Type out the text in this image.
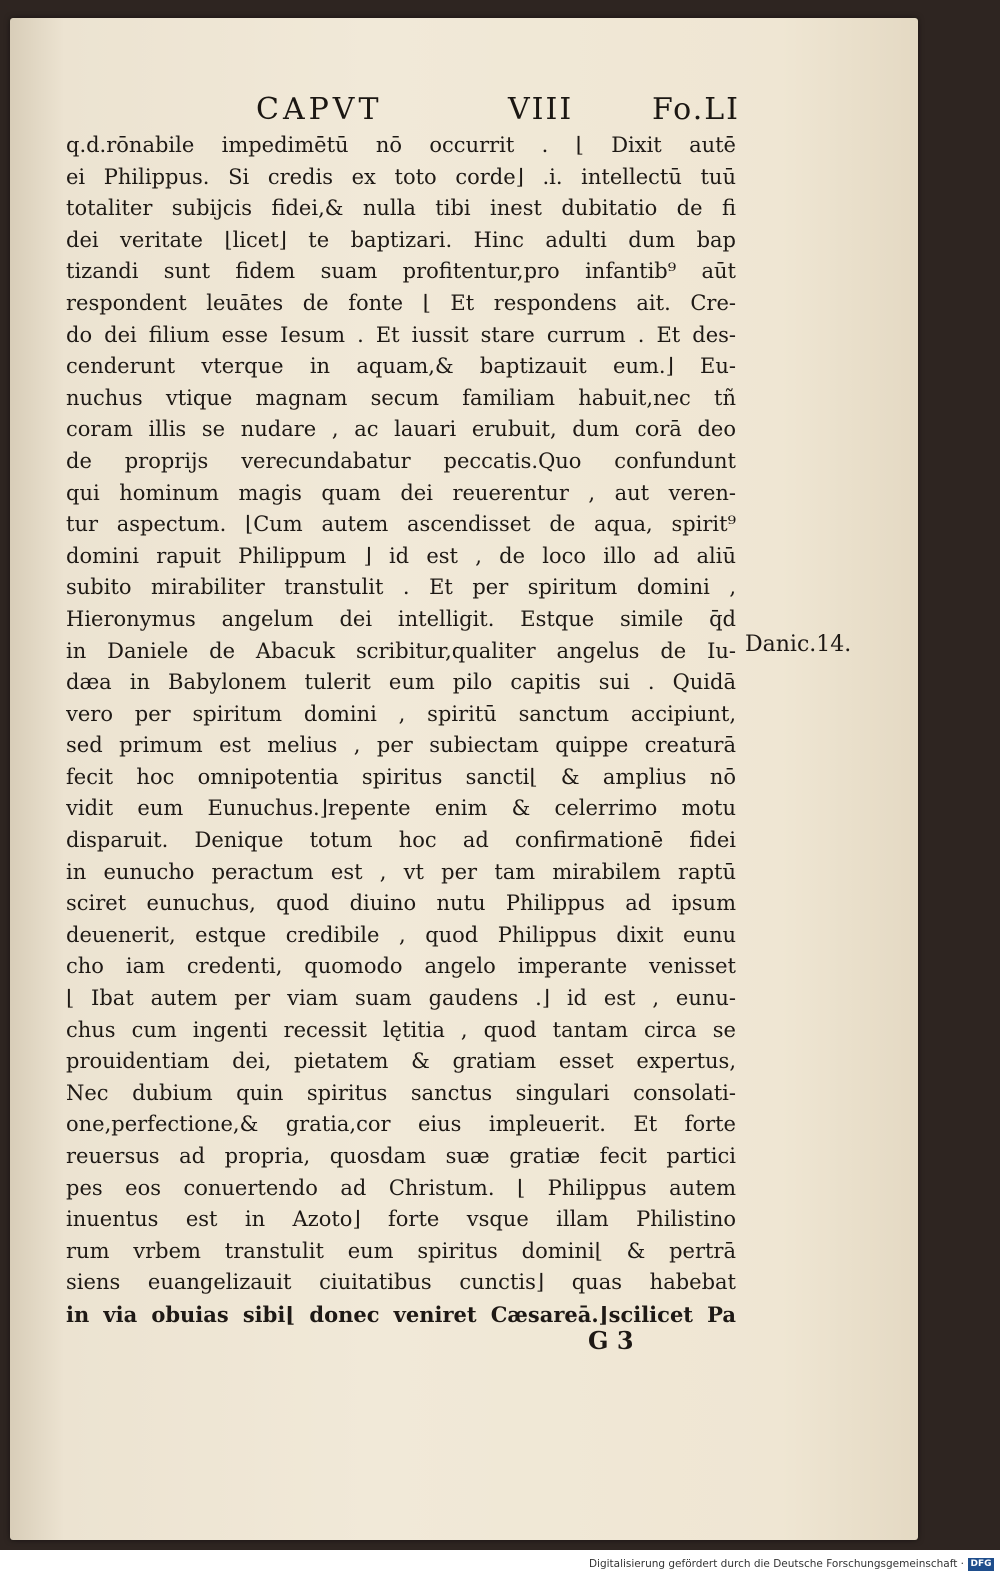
CAPVT	VIII	Fo.LI
q.d.rōnabile impedimētū nō occurrit . ⌊ Dixit autē
ei Philippus. Si credis ex toto corde⌋ .i. intellectū tuū
totaliter subijcis fidei,& nulla tibi inest dubitatio de fi
dei veritate ⌊licet⌋ te baptizari. Hinc adulti dum bap
tizandi sunt fidem suam profitentur,pro infantib⁹ aūt
respondent leuātes de fonte ⌊ Et respondens ait. Cre-
do dei filium esse Iesum . Et iussit stare currum . Et des-
cenderunt vterque in aquam,& baptizauit eum.⌋ Eu-
nuchus vtique magnam secum familiam habuit,nec tñ
coram illis se nudare , ac lauari erubuit, dum corā deo
de proprijs verecundabatur peccatis.Quo confundunt
qui hominum magis quam dei reuerentur , aut veren-
tur aspectum. ⌊Cum autem ascendisset de aqua, spirit⁹
domini rapuit Philippum ⌋ id est , de loco illo ad aliū
subito mirabiliter transtulit . Et per spiritum domini ,
Hieronymus angelum dei intelligit. Estque simile q̄d
in Daniele de Abacuk scribitur,qualiter angelus de Iu-
dæa in Babylonem tulerit eum pilo capitis sui . Quidā
vero per spiritum domini , spiritū sanctum accipiunt,
sed primum est melius , per subiectam quippe creaturā
fecit hoc omnipotentia spiritus sancti⌊ & amplius nō
vidit eum Eunuchus.⌋repente enim & celerrimo motu
disparuit. Denique totum hoc ad confirmationē fidei
in eunucho peractum est , vt per tam mirabilem raptū
sciret eunuchus, quod diuino nutu Philippus ad ipsum
deuenerit, estque credibile , quod Philippus dixit eunu
cho iam credenti, quomodo angelo imperante venisset
⌊ Ibat autem per viam suam gaudens .⌋ id est , eunu-
chus cum ingenti recessit lętitia , quod tantam circa se
prouidentiam dei, pietatem & gratiam esset expertus,
Nec dubium quin spiritus sanctus singulari consolati-
one,perfectione,& gratia,cor eius impleuerit. Et forte
reuersus ad propria, quosdam suæ gratiæ fecit partici
pes eos conuertendo ad Christum. ⌊ Philippus autem
inuentus est in Azoto⌋ forte vsque illam Philistino
rum vrbem transtulit eum spiritus domini⌊ & pertrā
siens euangelizauit ciuitatibus cunctis⌋ quas habebat
in via obuias sibi⌊ donec veniret Cæsareā.⌋scilicet Pa
Danic.14.
G 3
Digitalisierung gefördert durch die Deutsche Forschungsgemeinschaft · DFG
